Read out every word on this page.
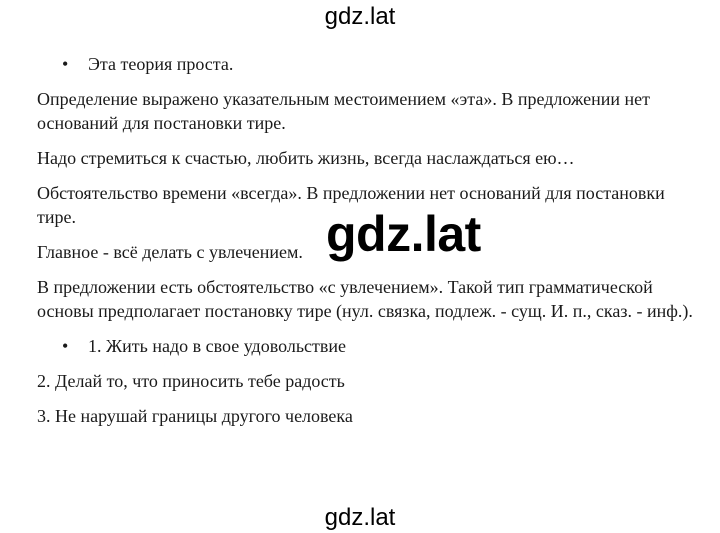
gdz.lat

• Эта теория проста.

Определение выражено указательным местоимением «эта». В предложении нет оснований для постановки тире.

Надо стремиться к счастью, любить жизнь, всегда наслаждаться ею…

Обстоятельство времени «всегда». В предложении нет оснований для постановки тире.

Главное - всё делать с увлечением.

В предложении есть обстоятельство «с увлечением». Такой тип грамматической основы предполагает постановку тире (нул. связка, подлеж. - сущ. И. п., сказ. - инф.).

• 1. Жить надо в свое удовольствие

2. Делай то, что приносить тебе радость

3. Не нарушай границы другого человека

gdz.lat
gdz.lat
